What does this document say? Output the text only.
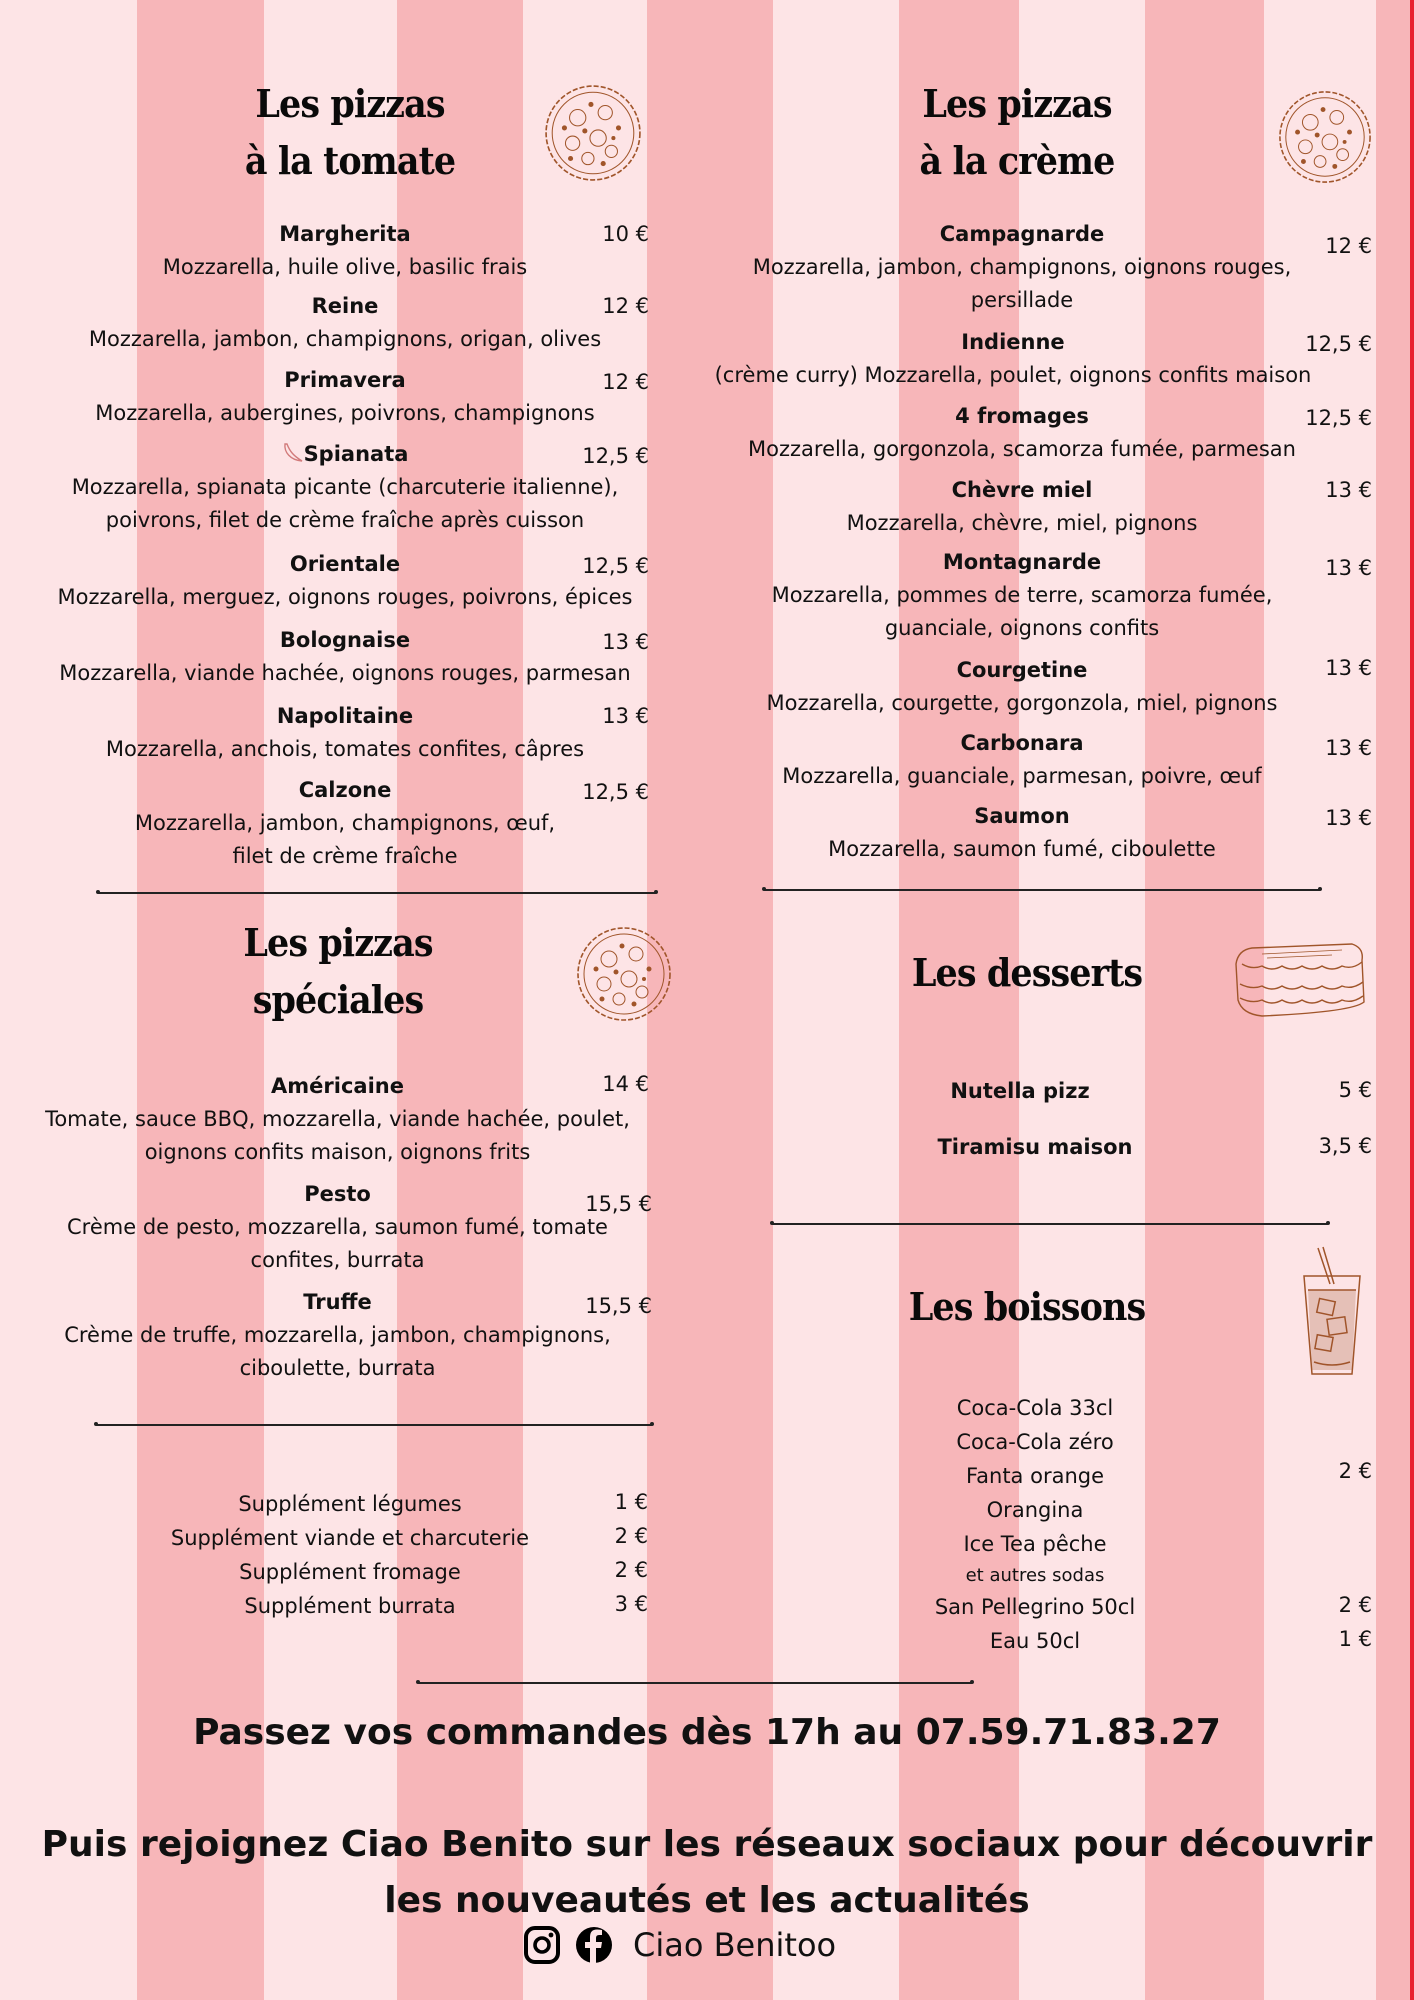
Les pizzas
à la tomate
Margherita
Mozzarella, huile olive, basilic frais
10 €
Reine
Mozzarella, jambon, champignons, origan, olives
12 €
Primavera
Mozzarella, aubergines, poivrons, champignons
12 €
Spianata
Mozzarella, spianata picante (charcuterie italienne),
poivrons, filet de crème fraîche après cuisson
12,5 €
Orientale
Mozzarella, merguez, oignons rouges, poivrons, épices
12,5 €
Bolognaise
Mozzarella, viande hachée, oignons rouges, parmesan
13 €
Napolitaine
Mozzarella, anchois, tomates confites, câpres
13 €
Calzone
Mozzarella, jambon, champignons, œuf,
filet de crème fraîche
12,5 €
Les pizzas
à la crème
Campagnarde
Mozzarella, jambon, champignons, oignons rouges,
persillade
12 €
Indienne
(crème curry) Mozzarella, poulet, oignons confits maison
12,5 €
4 fromages
Mozzarella, gorgonzola, scamorza fumée, parmesan
12,5 €
Chèvre miel
Mozzarella, chèvre, miel, pignons
13 €
Montagnarde
Mozzarella, pommes de terre, scamorza fumée,
guanciale, oignons confits
13 €
Courgetine
Mozzarella, courgette, gorgonzola, miel, pignons
13 €
Carbonara
Mozzarella, guanciale, parmesan, poivre, œuf
13 €
Saumon
Mozzarella, saumon fumé, ciboulette
13 €
Les pizzas
spéciales
Américaine
Tomate, sauce BBQ, mozzarella, viande hachée, poulet,
oignons confits maison, oignons frits
14 €
Pesto
Crème de pesto, mozzarella, saumon fumé, tomate
confites, burrata
15,5 €
Truffe
Crème de truffe, mozzarella, jambon, champignons,
ciboulette, burrata
15,5 €
Supplément légumes	1 €
Supplément viande et charcuterie	2 €
Supplément fromage	2 €
Supplément burrata	3 €
Les desserts
Nutella pizz	5 €
Tiramisu maison	3,5 €
Les boissons
Coca-Cola 33cl
Coca-Cola zéro
Fanta orange
Orangina
Ice Tea pêche
et autres sodas
2 €
San Pellegrino 50cl	2 €
Eau 50cl	1 €
Passez vos commandes dès 17h au 07.59.71.83.27
Puis rejoignez Ciao Benito sur les réseaux sociaux pour découvrir
les nouveautés et les actualités
Ciao Benitoo
